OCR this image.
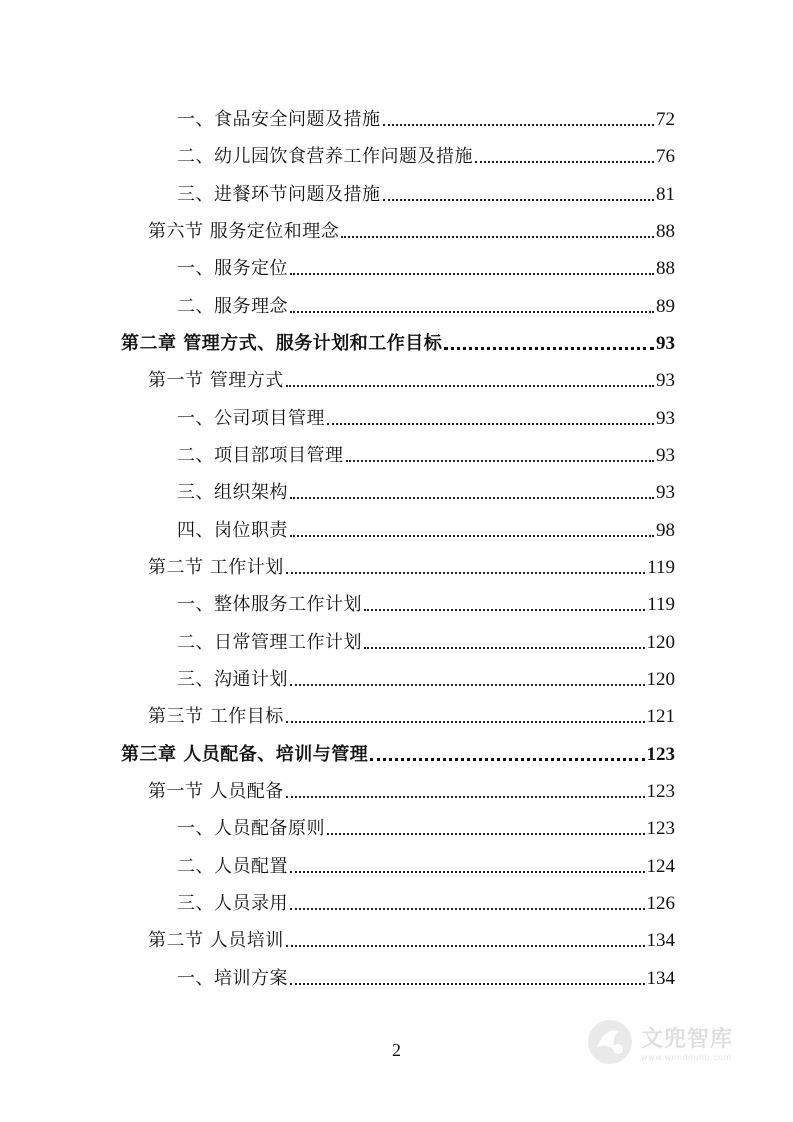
一、食品安全问题及措施	72
二、幼儿园饮食营养工作问题及措施	76
三、进餐环节问题及措施	81
第六节 服务定位和理念	88
一、服务定位	88
二、服务理念	89
第二章 管理方式、服务计划和工作目标	93
第一节 管理方式	93
一、公司项目管理	93
二、项目部项目管理	93
三、组织架构	93
四、岗位职责	98
第二节 工作计划	119
一、整体服务工作计划	119
二、日常管理工作计划	120
三、沟通计划	120
第三节 工作目标	121
第三章 人员配备、培训与管理	123
第一节 人员配备	123
一、人员配备原则	123
二、人员配置	124
三、人员录用	126
第二节 人员培训	134
一、培训方案	134
2	文兜智库
www.wendoulib.com
